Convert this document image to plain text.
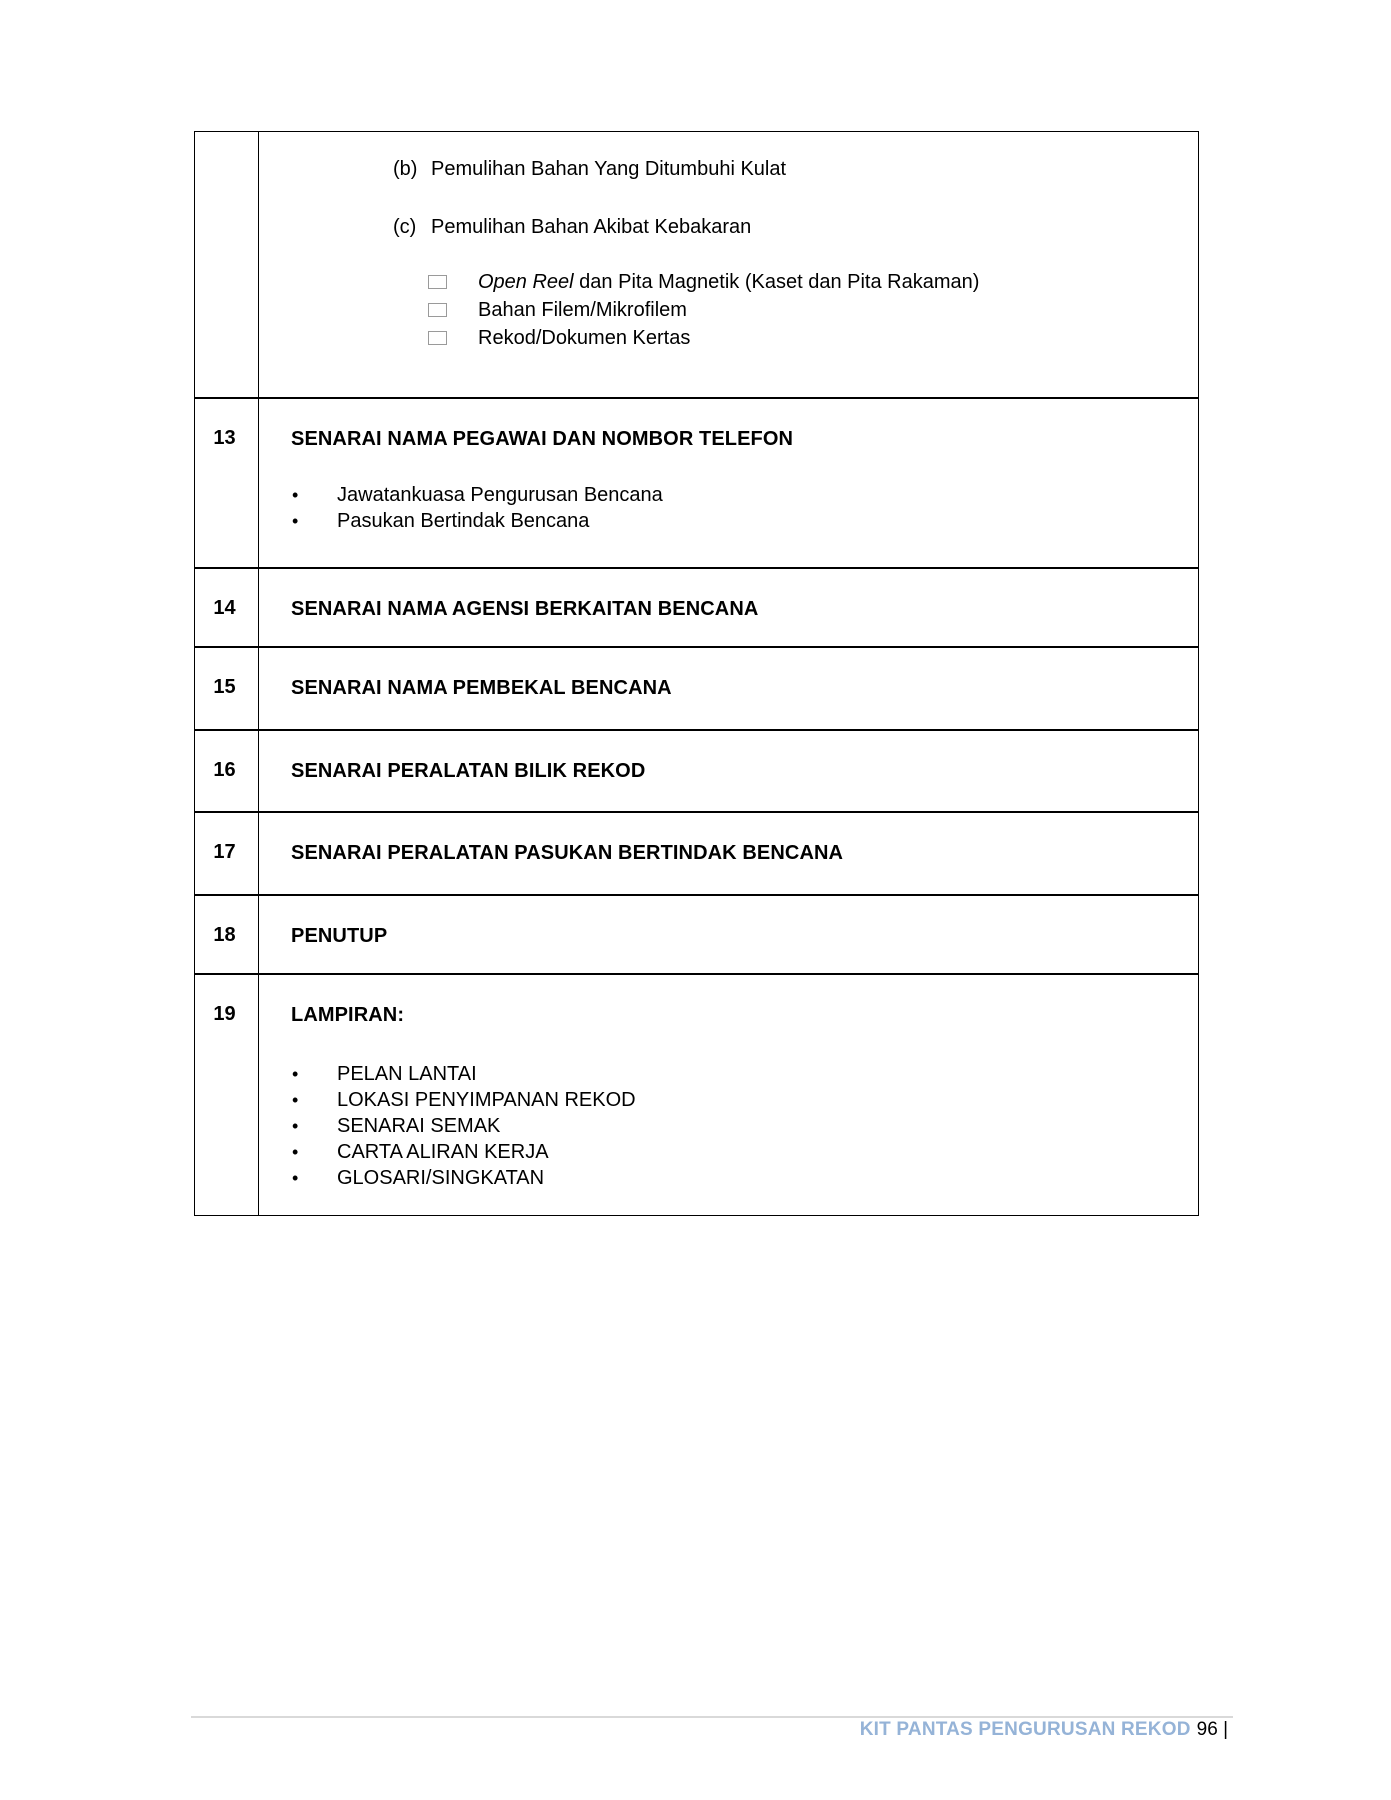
(b) Pemulihan Bahan Yang Ditumbuhi Kulat
(c) Pemulihan Bahan Akibat Kebakaran
Open Reel dan Pita Magnetik (Kaset dan Pita Rakaman)
Bahan Filem/Mikrofilem
Rekod/Dokumen Kertas
13	SENARAI NAMA PEGAWAI DAN NOMBOR TELEFON
•	Jawatankuasa Pengurusan Bencana
•	Pasukan Bertindak Bencana
14	SENARAI NAMA AGENSI BERKAITAN BENCANA
15	SENARAI NAMA PEMBEKAL BENCANA
16	SENARAI PERALATAN BILIK REKOD
17	SENARAI PERALATAN PASUKAN BERTINDAK BENCANA
18	PENUTUP
19	LAMPIRAN:
•	PELAN LANTAI
•	LOKASI PENYIMPANAN REKOD
•	SENARAI SEMAK
•	CARTA ALIRAN KERJA
•	GLOSARI/SINGKATAN
KIT PANTAS PENGURUSAN REKOD 96 |
